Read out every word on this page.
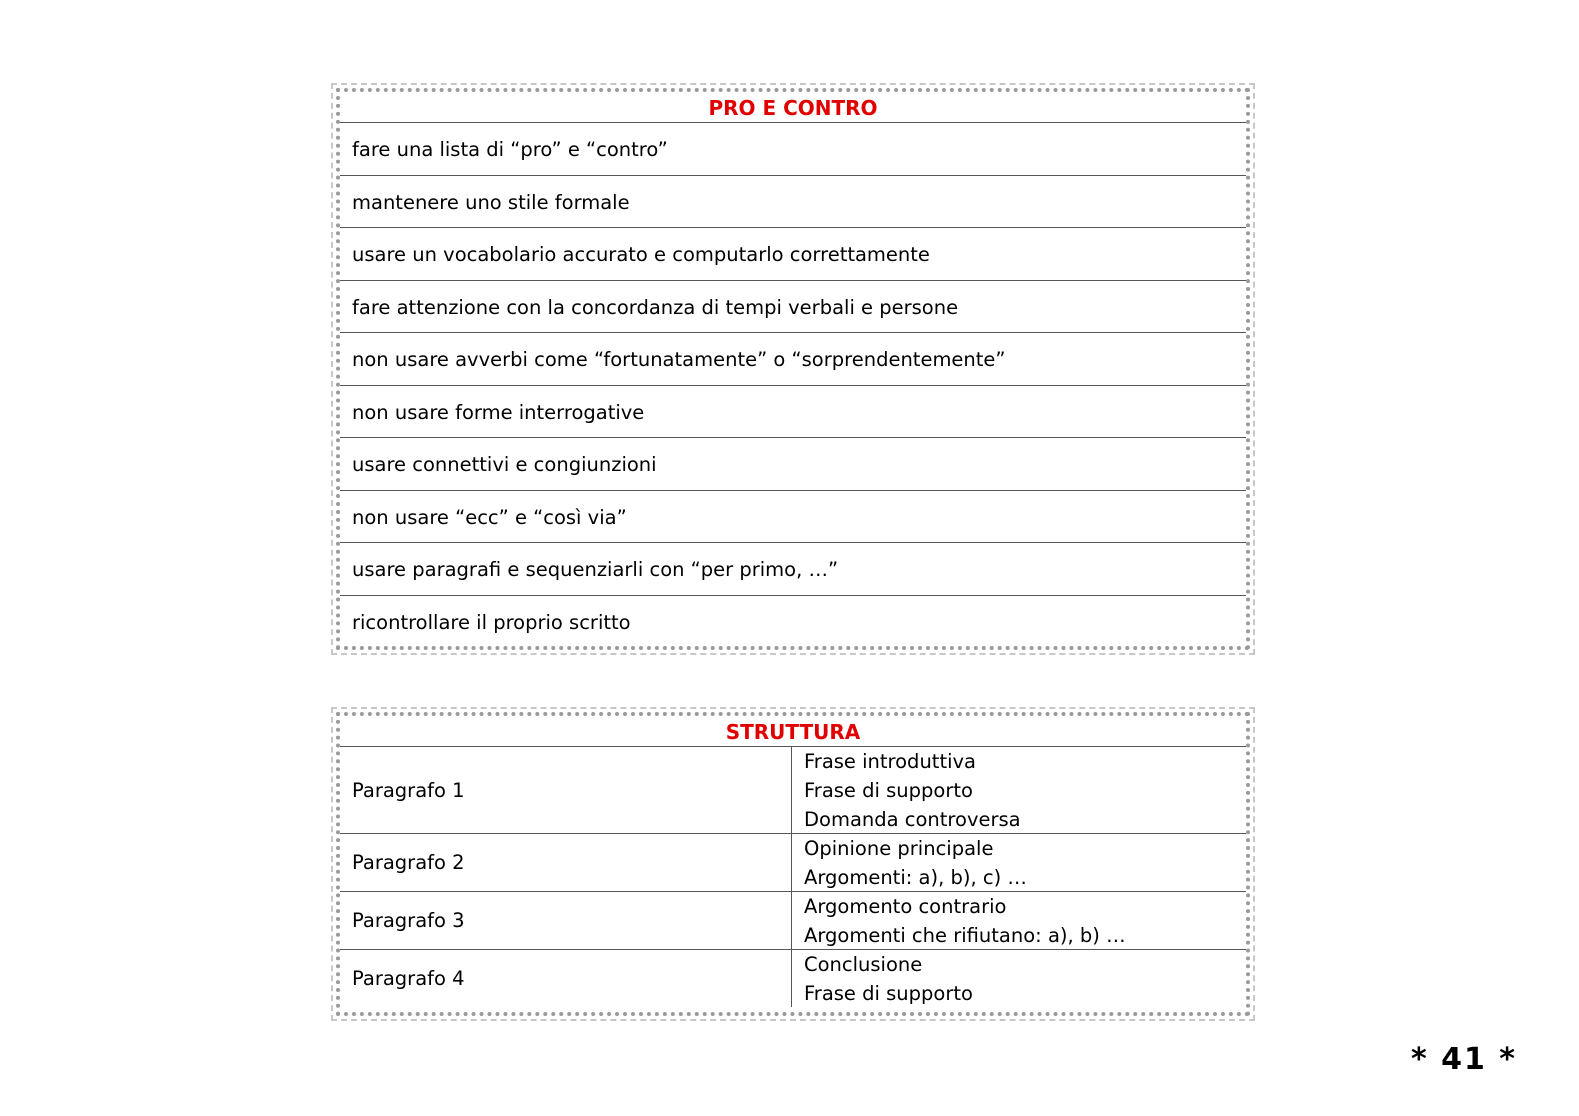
PRO E CONTRO
fare una lista di “pro” e “contro”
mantenere uno stile formale
usare un vocabolario accurato e computarlo correttamente
fare attenzione con la concordanza di tempi verbali e persone
non usare avverbi come “fortunatamente” o “sorprendentemente”
non usare forme interrogative
usare connettivi e congiunzioni
non usare “ecc” e “così via”
usare paragrafi e sequenziarli con “per primo, …”
ricontrollare il proprio scritto
STRUTTURA
Paragrafo 1
Frase introduttiva
Frase di supporto
Domanda controversa
Paragrafo 2
Opinione principale
Argomenti: a), b), c) …
Paragrafo 3
Argomento contrario
Argomenti che rifiutano: a), b) …
Paragrafo 4
Conclusione
Frase di supporto
* 41 *
